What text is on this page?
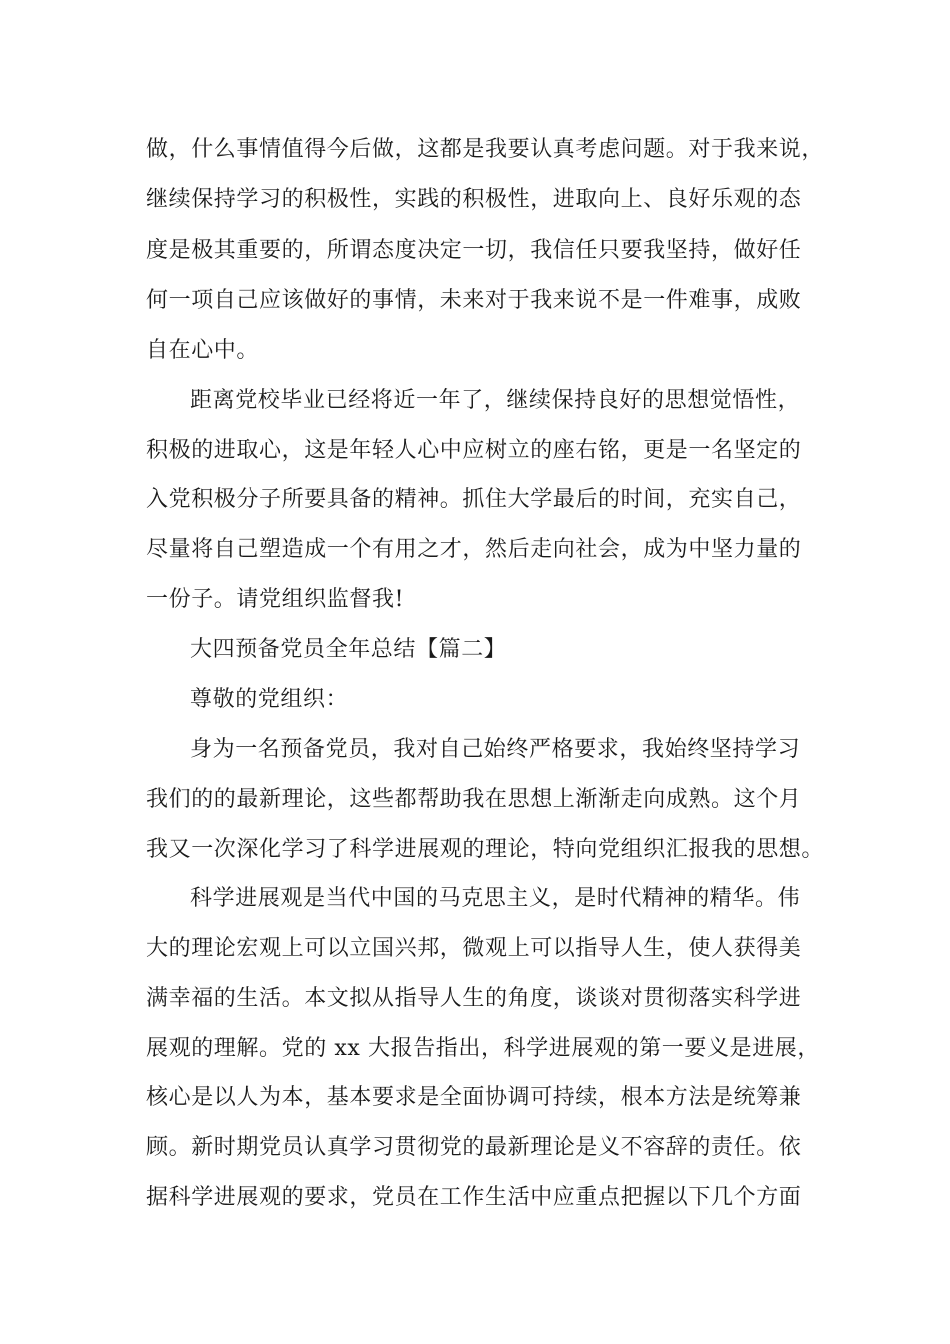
做，什么事情值得今后做，这都是我要认真考虑问题。对于我来说，
继续保持学习的积极性，实践的积极性，进取向上、良好乐观的态
度是极其重要的，所谓态度决定一切，我信任只要我坚持，做好任
何一项自己应该做好的事情，未来对于我来说不是一件难事，成败
自在心中。
距离党校毕业已经将近一年了，继续保持良好的思想觉悟性，
积极的进取心，这是年轻人心中应树立的座右铭，更是一名坚定的
入党积极分子所要具备的精神。抓住大学最后的时间，充实自己，
尽量将自己塑造成一个有用之才，然后走向社会，成为中坚力量的
一份子。请党组织监督我!
大四预备党员全年总结【篇二】
尊敬的党组织：
身为一名预备党员，我对自己始终严格要求，我始终坚持学习
我们的的最新理论，这些都帮助我在思想上渐渐走向成熟。这个月
我又一次深化学习了科学进展观的理论，特向党组织汇报我的思想。
科学进展观是当代中国的马克思主义，是时代精神的精华。伟
大的理论宏观上可以立国兴邦，微观上可以指导人生，使人获得美
满幸福的生活。本文拟从指导人生的角度，谈谈对贯彻落实科学进
展观的理解。党的 xx 大报告指出，科学进展观的第一要义是进展，
核心是以人为本，基本要求是全面协调可持续，根本方法是统筹兼
顾。新时期党员认真学习贯彻党的最新理论是义不容辞的责任。依
据科学进展观的要求，党员在工作生活中应重点把握以下几个方面
